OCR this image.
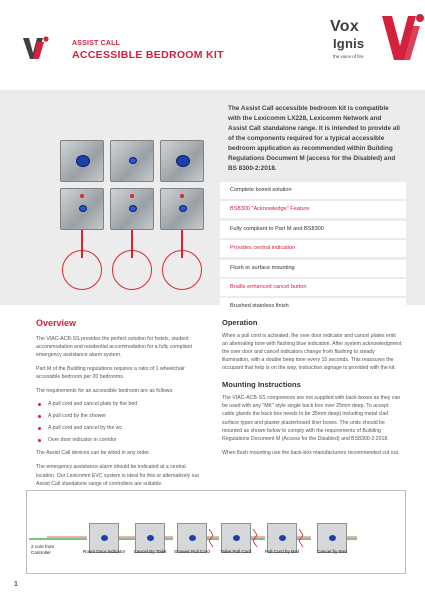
ASSIST CALL
ACCESSIBLE BEDROOM KIT
Vox
Ignis
the voice of fire
The Assist Call accessible bedroom kit is compatible with the Lexicomm LX228, Lexicomm Network and Assist Call standalone range. It is intended to provide all of the components required for a typical accessible bedroom application as recommended within Building Regulations Document M (access for the Disabled) and BS 8300-2:2018.
Complete boxed solution
BS8300 "Acknowledge" Feature
Fully compliant to Part M and BS8300
Provides central indication
Flush or surface mounting
Braille enhanced cancel button
Brushed stainless finish
Overview
The VIAC-ACB-SS provides the perfect solution for hotels, student accommodation and residential accommodation for a fully compliant emergency assistance alarm system.
Part M of the Building regulations requires a ratio of 1 wheelchair accessible bedroom per 20 bedrooms.
The requirements for an accessible bedroom are as follows:
A pull cord and cancel plate by the bed
A pull cord by the shower
A pull cord and cancel by the wc
Over door indicator in corridor
The Assist Call devices can be wired in any order.
The emergency assistance alarm should be indicated at a central location. Our Lexicomm EVC system is ideal for this or alternatively our Assist Call standalone range of controllers are suitable.
Operation
When a pull cord is activated, the over door indicator and cancel plates emit an alternating tone with flashing blue indication. After system acknowledgment the over door and cancel indicators change from flashing to steady illumination, with a double beep tone every 15 seconds. This reassures the occupant that help is on the way, instruction signage is provided with the kit.
Mounting Instructions
The VIAC-ACB-SS components are not supplied with back-boxes as they can be used with any "MK" style single back box over 25mm deep. To accept cable glands the back box needs to be 35mm deep) including metal clad surface types and plaster plasterboard liner boxes. The units should be mounted as shown below to comply with the requirements of Building Regulations Document M (Access for the Disabled) and BS8300-2:2018.
When flush mounting use the back-box manufacturers recommended cut out.
2 core from
Controller	Room Door Indicator	Cancel By Toilet	Shower Pull Cord	Toilet Pull Cord	Pull Cord by Bed	Cancel by Bed
1
